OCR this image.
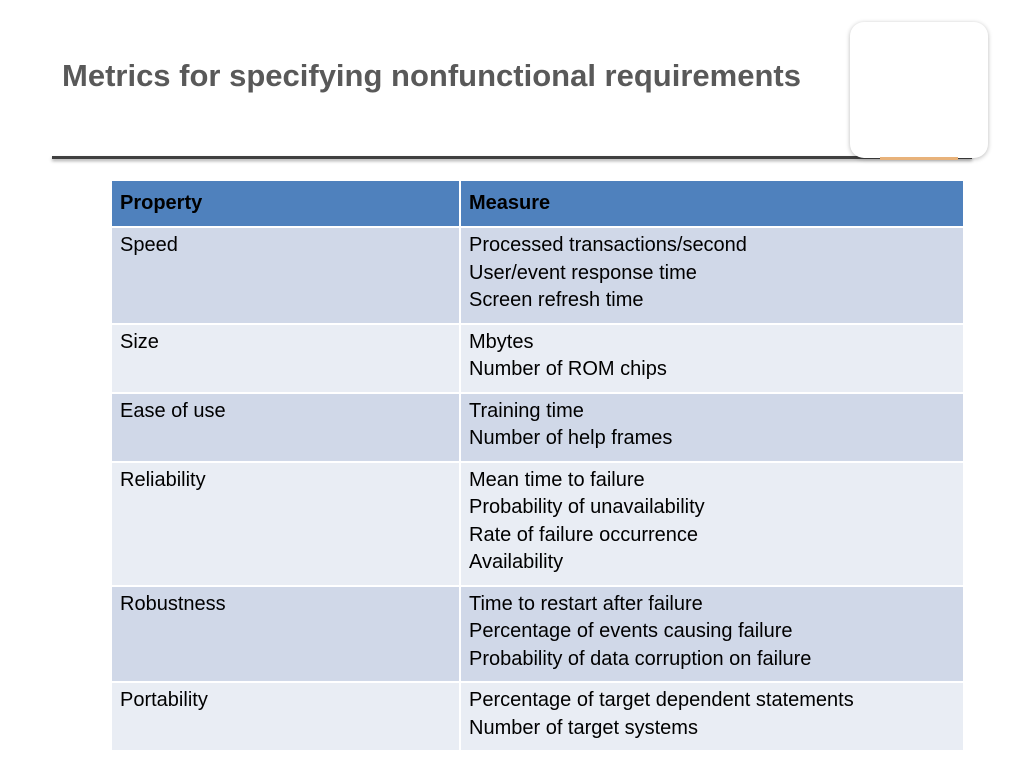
Metrics for specifying nonfunctional requirements
Property	Measure
Speed	Processed transactions/second
User/event response time
Screen refresh time

Size	Mbytes
Number of ROM chips

Ease of use	Training time
Number of help frames

Reliability	Mean time to failure
Probability of unavailability
Rate of failure occurrence
Availability

Robustness	Time to restart after failure
Percentage of events causing failure
Probability of data corruption on failure

Portability	Percentage of target dependent statements
Number of target systems
